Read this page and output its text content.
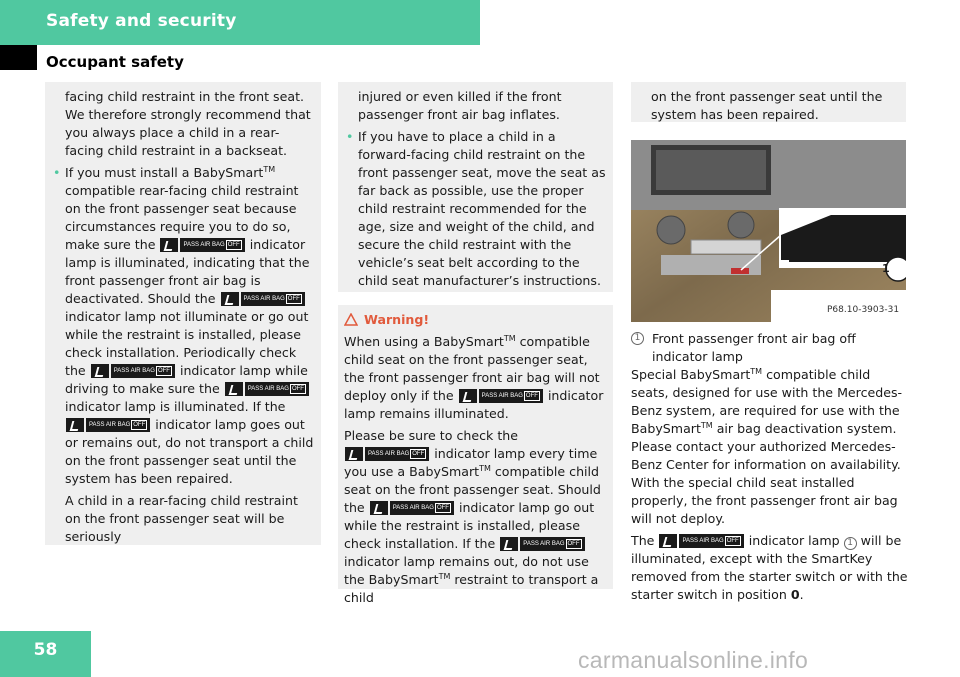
Safety and security
Occupant safety

facing child restraint in the front seat. We therefore strongly recommend that you always place a child in a rear-facing child restraint in a backseat.

• If you must install a BabySmart™ compatible rear-facing child restraint on the front passenger seat because circumstances require you to do so, make sure the	PASS AIR BAG OFF indicator lamp is illuminated, indicating that the front passenger front air bag is deactivated. Should the	PASS AIR BAG OFF indicator lamp not illuminate or go out while the restraint is installed, please check installation. Periodically check the	PASS AIR BAG OFF indicator lamp while driving to make sure the	PASS AIR BAG OFF indicator lamp is illuminated. If the PASS AIR BAG OFF indicator lamp goes out or remains out, do not transport a child on the front passenger seat until the system has been repaired.

A child in a rear-facing child restraint on the front passenger seat will be seriously

injured or even killed if the front passenger front air bag inflates.

• If you have to place a child in a forward-facing child restraint on the front passenger seat, move the seat as far back as possible, use the proper child restraint recommended for the age, size and weight of the child, and secure the child restraint with the vehicle’s seat belt according to the child seat manufacturer’s instructions.

Warning!

When using a BabySmart™ compatible child seat on the front passenger seat, the front passenger front air bag will not deploy only if the	PASS AIR BAG OFF indicator lamp remains illuminated.

Please be sure to check the PASS AIR BAG OFF indicator lamp every time you use a BabySmart™ compatible child seat on the front passenger seat. Should the	PASS AIR BAG OFF indicator lamp go out while the restraint is installed, please check installation. If the	PASS AIR BAG OFF indicator lamp remains out, do not use the BabySmart™ restraint to transport a child

on the front passenger seat until the system has been repaired.

1
P68.10-3903-31
1 Front passenger front air bag off indicator lamp

Special BabySmart™ compatible child seats, designed for use with the Mercedes-Benz system, are required for use with the BabySmart™ air bag deactivation system. Please contact your authorized Mercedes-Benz Center for information on availability. With the special child seat installed properly, the front passenger front air bag will not deploy.

The	PASS AIR BAG OFF indicator lamp 1 will be illuminated, except with the SmartKey removed from the starter switch or with the starter switch in position 0.

58	carmanualsonline.info
